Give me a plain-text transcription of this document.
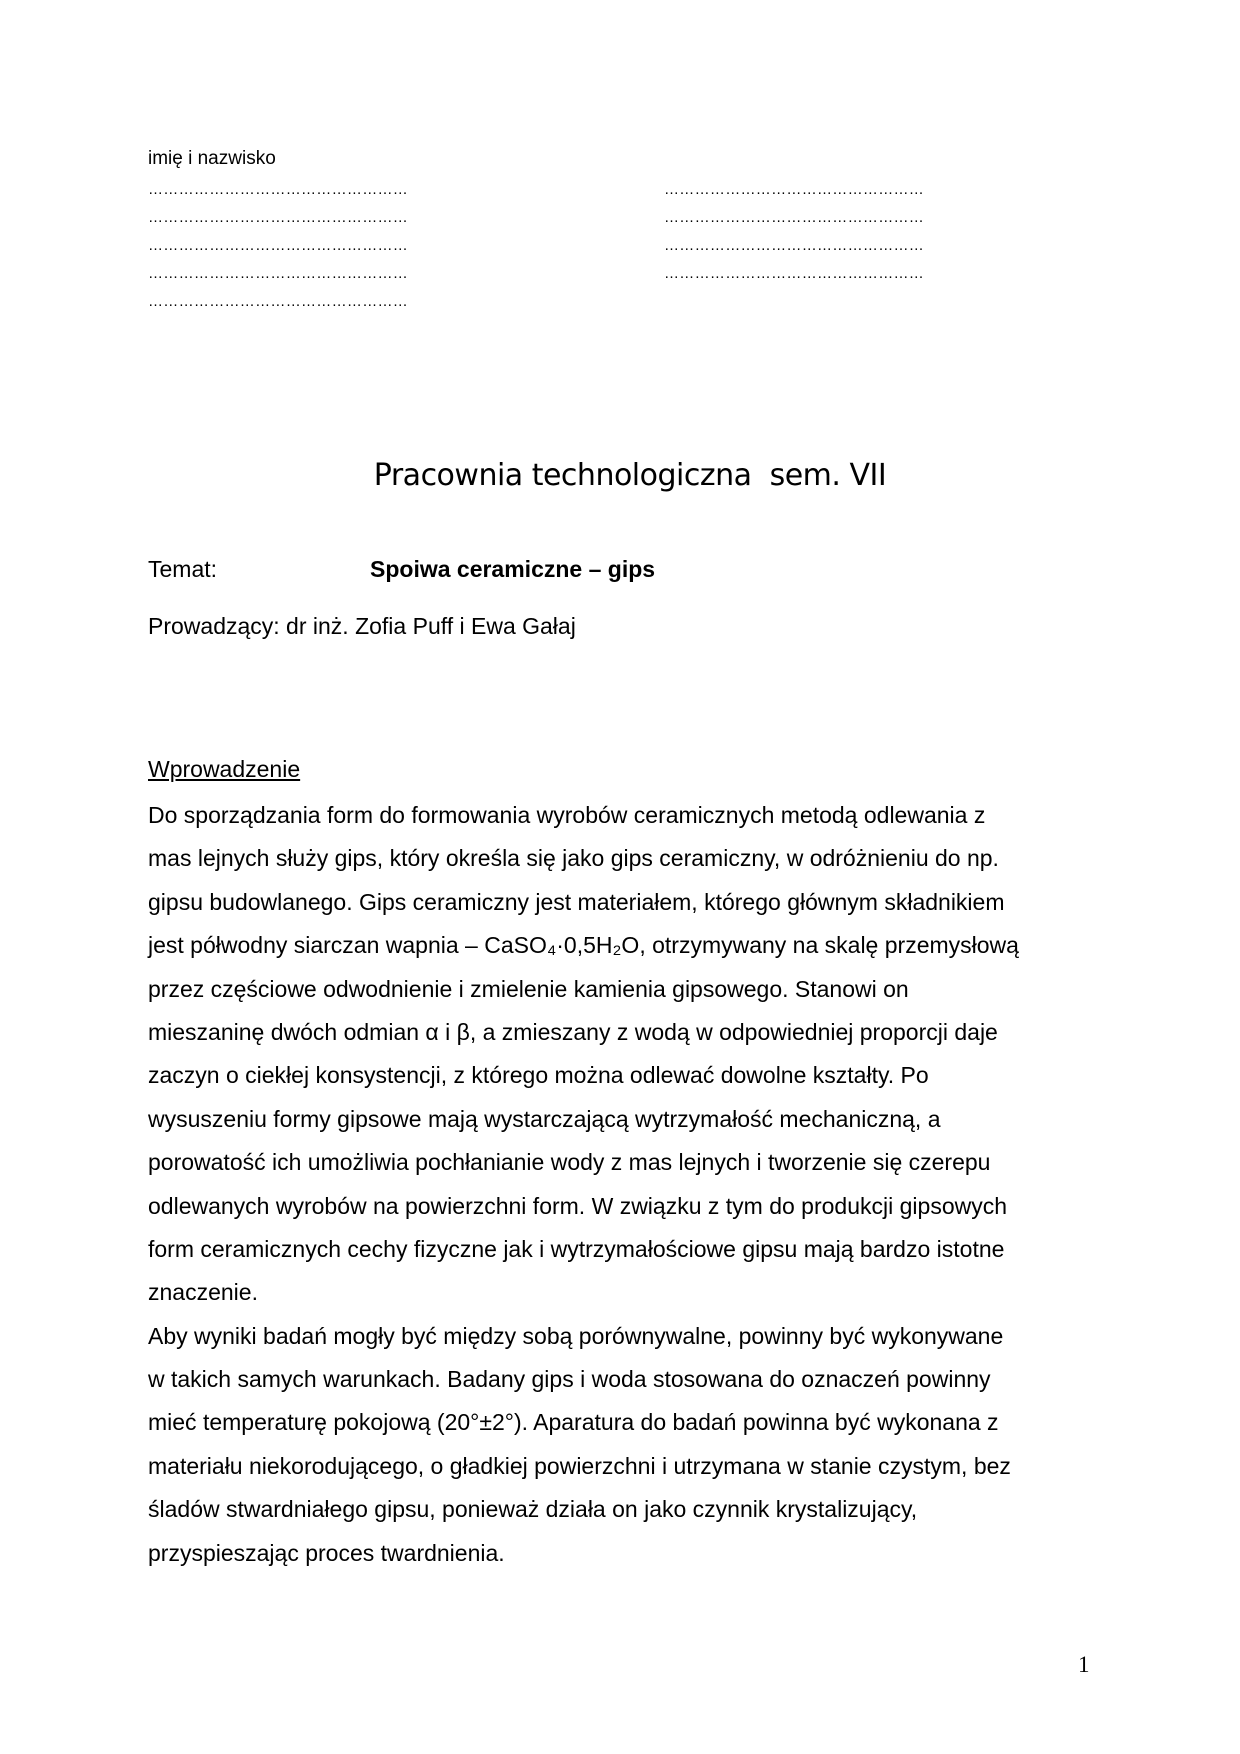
imię i nazwisko
……………………………………………
……………………………………………
……………………………………………
……………………………………………
……………………………………………
……………………………………………
……………………………………………
……………………………………………
……………………………………………
Pracownia technologiczna  sem. VII
Temat:	Spoiwa ceramiczne – gips
Prowadzący: dr inż. Zofia Puff i Ewa Gałaj
Wprowadzenie
Do sporządzania form do formowania wyrobów ceramicznych metodą odlewania z
mas lejnych służy gips, który określa się jako gips ceramiczny, w odróżnieniu do np.
gipsu budowlanego. Gips ceramiczny jest materiałem, którego głównym składnikiem
jest półwodny siarczan wapnia – CaSO₄·0,5H₂O, otrzymywany na skalę przemysłową
przez częściowe odwodnienie i zmielenie kamienia gipsowego. Stanowi on
mieszaninę dwóch odmian α i β, a zmieszany z wodą w odpowiedniej proporcji daje
zaczyn o ciekłej konsystencji, z którego można odlewać dowolne kształty. Po
wysuszeniu formy gipsowe mają wystarczającą wytrzymałość mechaniczną, a
porowatość ich umożliwia pochłanianie wody z mas lejnych i tworzenie się czerepu
odlewanych wyrobów na powierzchni form. W związku z tym do produkcji gipsowych
form ceramicznych cechy fizyczne jak i wytrzymałościowe gipsu mają bardzo istotne
znaczenie.
Aby wyniki badań mogły być między sobą porównywalne, powinny być wykonywane
w takich samych warunkach. Badany gips i woda stosowana do oznaczeń powinny
mieć temperaturę pokojową (20°±2°). Aparatura do badań powinna być wykonana z
materiału niekorodującego, o gładkiej powierzchni i utrzymana w stanie czystym, bez
śladów stwardniałego gipsu, ponieważ działa on jako czynnik krystalizujący,
przyspieszając proces twardnienia.
1
